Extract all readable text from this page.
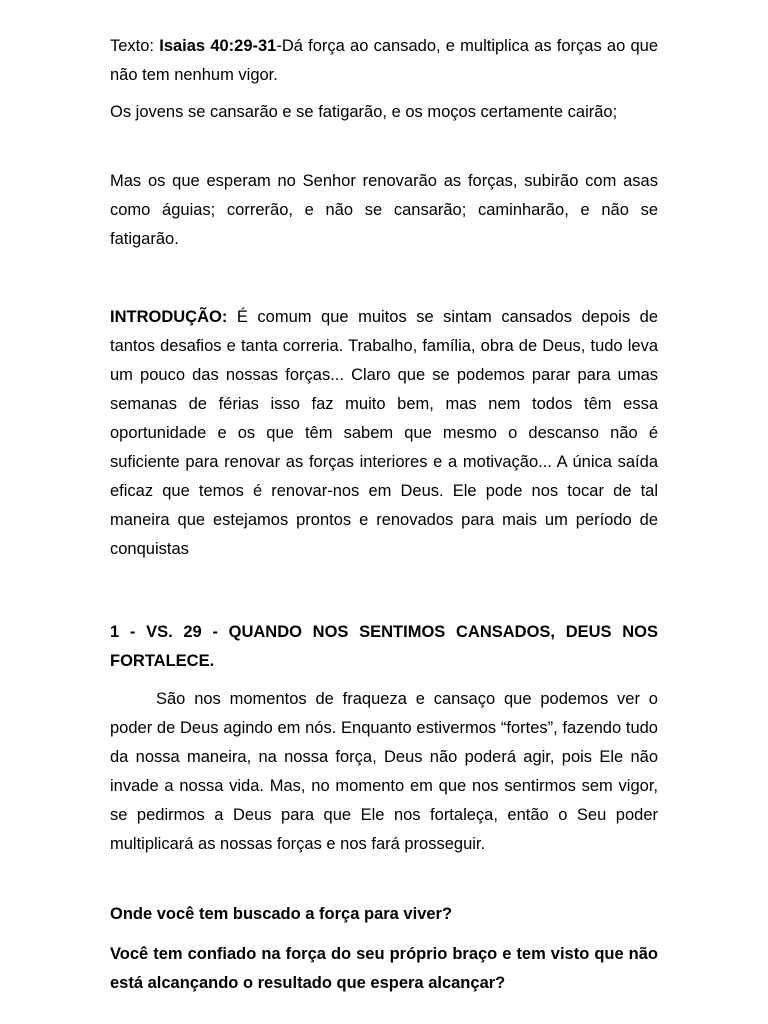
Texto: Isaias 40:29-31-Dá força ao cansado, e multiplica as forças ao que não tem nenhum vigor.

Os jovens se cansarão e se fatigarão, e os moços certamente cairão;

Mas os que esperam no Senhor renovarão as forças, subirão com asas como águias; correrão, e não se cansarão; caminharão, e não se fatigarão.

INTRODUÇÃO: É comum que muitos se sintam cansados depois de tantos desafios e tanta correria. Trabalho, família, obra de Deus, tudo leva um pouco das nossas forças... Claro que se podemos parar para umas semanas de férias isso faz muito bem, mas nem todos têm essa oportunidade e os que têm sabem que mesmo o descanso não é suficiente para renovar as forças interiores e a motivação... A única saída eficaz que temos é renovar-nos em Deus. Ele pode nos tocar de tal maneira que estejamos prontos e renovados para mais um período de conquistas

1 - VS. 29 - QUANDO NOS SENTIMOS CANSADOS, DEUS NOS FORTALECE.

São nos momentos de fraqueza e cansaço que podemos ver o poder de Deus agindo em nós. Enquanto estivermos “fortes”, fazendo tudo da nossa maneira, na nossa força, Deus não poderá agir, pois Ele não invade a nossa vida. Mas, no momento em que nos sentirmos sem vigor, se pedirmos a Deus para que Ele nos fortaleça, então o Seu poder multiplicará as nossas forças e nos fará prosseguir.

Onde você tem buscado a força para viver?

Você tem confiado na força do seu próprio braço e tem visto que não está alcançando o resultado que espera alcançar?
